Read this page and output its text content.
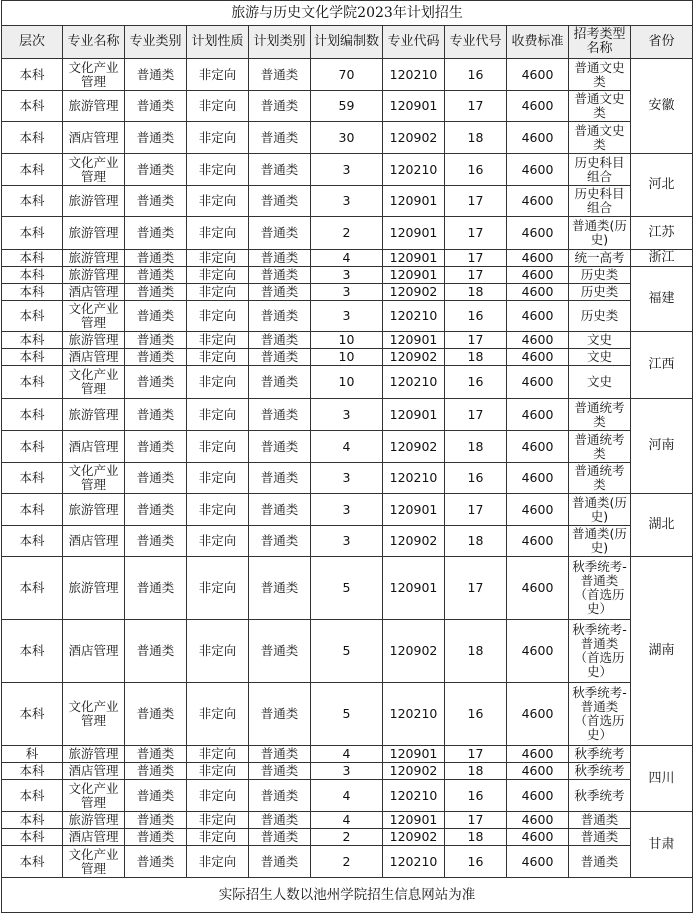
旅游与历史文化学院2023年计划招生										
层次	专业名称	专业类别	计划性质	计划类别	计划编制数	专业代码	专业代号	收费标准	招考类型名称	省份
本科	文化产业管理	普通类	非定向	普通类	70	120210	16	4600	普通文史类	安徽
本科	旅游管理	普通类	非定向	普通类	59	120901	17	4600	普通文史类	
本科	酒店管理	普通类	非定向	普通类	30	120902	18	4600	普通文史类	
本科	文化产业管理	普通类	非定向	普通类	3	120210	16	4600	历史科目组合	河北
本科	旅游管理	普通类	非定向	普通类	3	120901	17	4600	历史科目组合	
本科	旅游管理	普通类	非定向	普通类	2	120901	17	4600	普通类(历史)	江苏
本科	旅游管理	普通类	非定向	普通类	4	120901	17	4600	统一高考	浙江
本科	旅游管理	普通类	非定向	普通类	3	120901	17	4600	历史类	福建
本科	酒店管理	普通类	非定向	普通类	3	120902	18	4600	历史类	
本科	文化产业管理	普通类	非定向	普通类	3	120210	16	4600	历史类	
本科	旅游管理	普通类	非定向	普通类	10	120901	17	4600	文史	江西
本科	酒店管理	普通类	非定向	普通类	10	120902	18	4600	文史	
本科	文化产业管理	普通类	非定向	普通类	10	120210	16	4600	文史	
本科	旅游管理	普通类	非定向	普通类	3	120901	17	4600	普通统考类	河南
本科	酒店管理	普通类	非定向	普通类	4	120902	18	4600	普通统考类	
本科	文化产业管理	普通类	非定向	普通类	3	120210	16	4600	普通统考类	
本科	旅游管理	普通类	非定向	普通类	3	120901	17	4600	普通类(历史)	湖北
本科	酒店管理	普通类	非定向	普通类	3	120902	18	4600	普通类(历史)	
本科	旅游管理	普通类	非定向	普通类	5	120901	17	4600	秋季统考-普通类（首选历史）	湖南
本科	酒店管理	普通类	非定向	普通类	5	120902	18	4600	秋季统考-普通类（首选历史）	
本科	文化产业管理	普通类	非定向	普通类	5	120210	16	4600	秋季统考-普通类（首选历史）	
科	旅游管理	普通类	非定向	普通类	4	120901	17	4600	秋季统考	四川
本科	酒店管理	普通类	非定向	普通类	3	120902	18	4600	秋季统考	
本科	文化产业管理	普通类	非定向	普通类	4	120210	16	4600	秋季统考	
本科	旅游管理	普通类	非定向	普通类	4	120901	17	4600	普通类	甘肃
本科	酒店管理	普通类	非定向	普通类	2	120902	18	4600	普通类	
本科	文化产业管理	普通类	非定向	普通类	2	120210	16	4600	普通类	
实际招生人数以池州学院招生信息网站为准										
